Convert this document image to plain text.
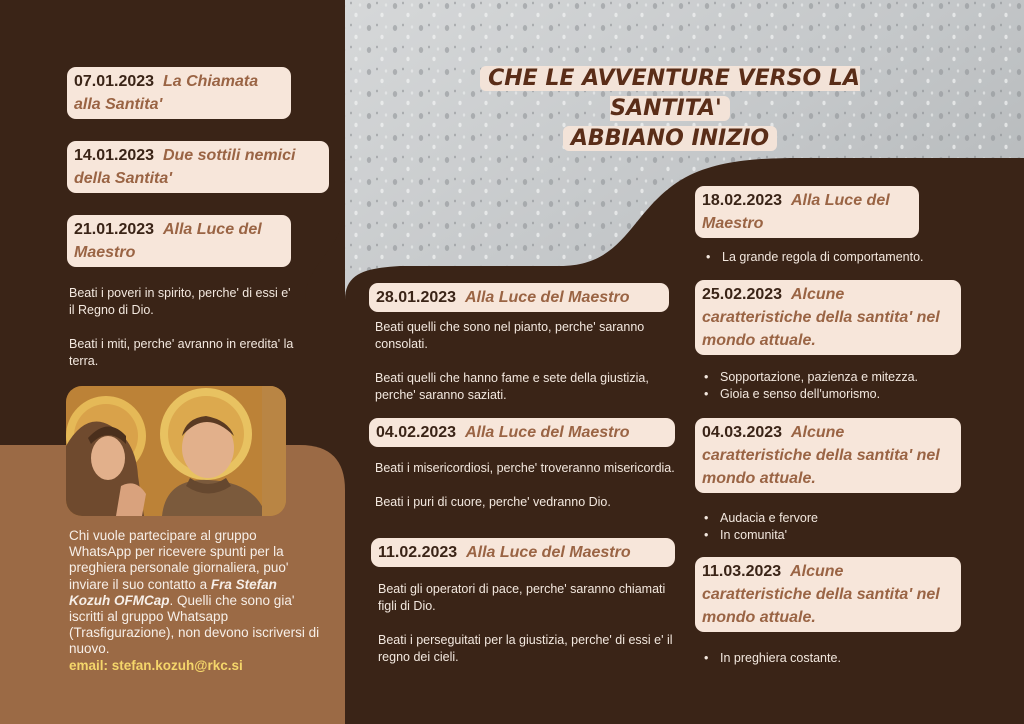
CHE LE AVVENTURE VERSO LA SANTITA'
ABBIANO INIZIO
07.01.2023 La Chiamata alla Santita'
14.01.2023 Due sottili nemici della Santita'
21.01.2023 Alla Luce del Maestro

Beati i poveri in spirito, perche' di essi e' il Regno di Dio.

Beati i miti, perche' avranno in eredita' la terra.

Chi vuole partecipare al gruppo WhatsApp per ricevere spunti per la preghiera personale giornaliera, puo' inviare il suo contatto a Fra Stefan Kozuh OFMCap. Quelli che sono gia' iscritti al gruppo Whatsapp (Trasfigurazione), non devono iscriversi di nuovo.
email: stefan.kozuh@rkc.si
28.01.2023 Alla Luce del Maestro

Beati quelli che sono nel pianto, perche' saranno consolati.

Beati quelli che hanno fame e sete della giustizia, perche' saranno saziati.

04.02.2023 Alla Luce del Maestro

Beati i misericordiosi, perche' troveranno misericordia.

Beati i puri di cuore, perche' vedranno Dio.

11.02.2023 Alla Luce del Maestro

Beati gli operatori di pace, perche' saranno chiamati figli di Dio.

Beati i perseguitati per la giustizia, perche' di essi e' il regno dei cieli.

18.02.2023 Alla Luce del Maestro
• La grande regola di comportamento.
25.02.2023 Alcune caratteristiche della santita' nel mondo attuale.
• Sopportazione, pazienza e mitezza.
• Gioia e senso dell'umorismo.
04.03.2023 Alcune caratteristiche della santita' nel mondo attuale.
• Audacia e fervore
• In comunita'
11.03.2023 Alcune caratteristiche della santita' nel mondo attuale.
• In preghiera costante.
